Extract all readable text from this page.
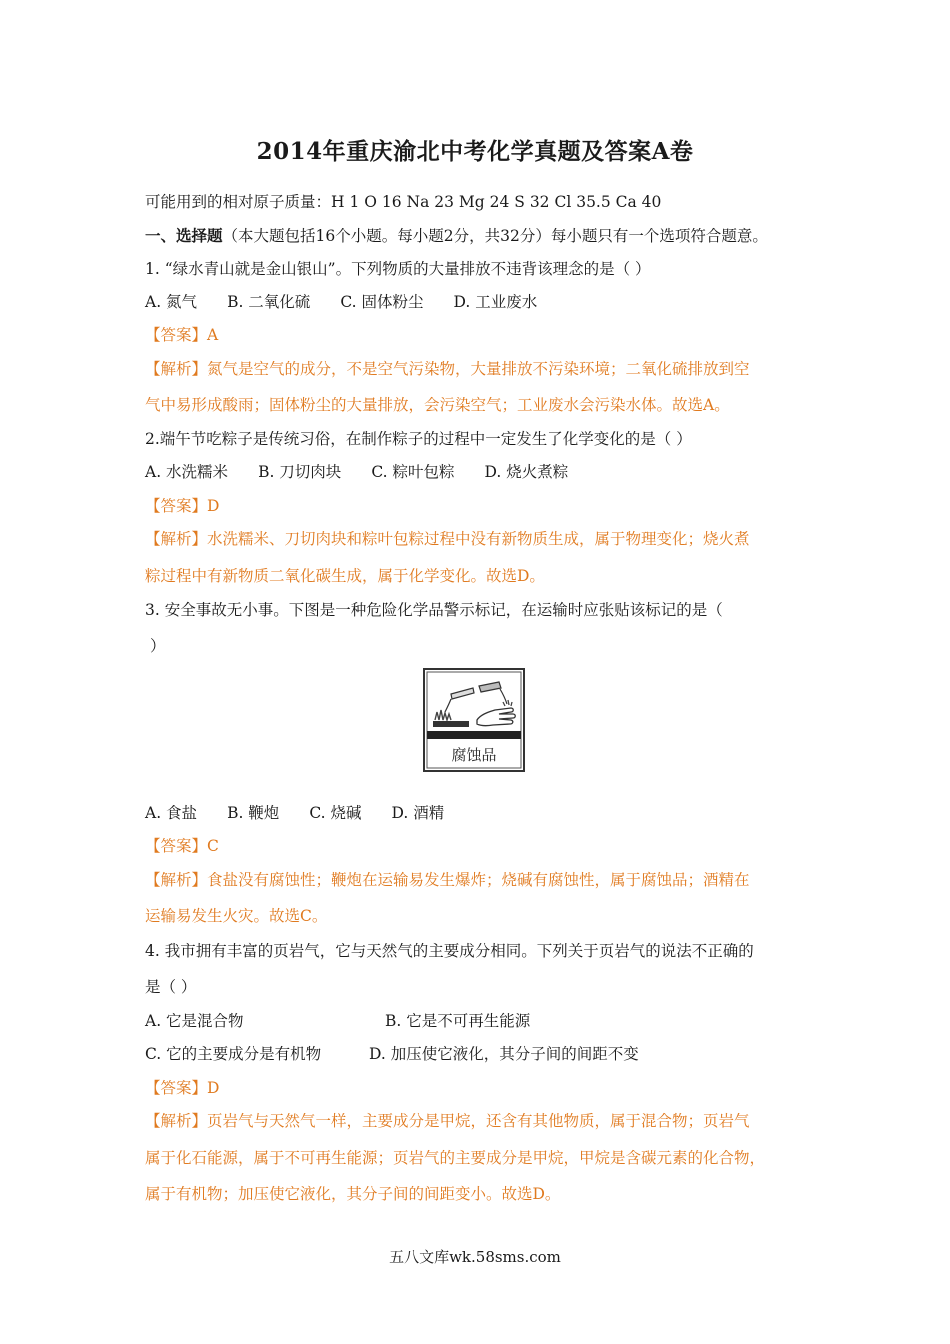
2014年重庆渝北中考化学真题及答案A卷
可能用到的相对原子质量：H 1 O 16 Na 23 Mg 24 S 32 Cl 35.5 Ca 40
一、选择题（本大题包括16个小题。每小题2分，共32分）每小题只有一个选项符合题意。
1. “绿水青山就是金山银山”。下列物质的大量排放不违背该理念的是（ ）
A. 氮气 B. 二氧化硫 C. 固体粉尘 D. 工业废水
【答案】A
【解析】氮气是空气的成分，不是空气污染物，大量排放不污染环境；二氧化硫排放到空
气中易形成酸雨；固体粉尘的大量排放，会污染空气；工业废水会污染水体。故选A。
2.端午节吃粽子是传统习俗，在制作粽子的过程中一定发生了化学变化的是（ ）
A. 水洗糯米 B. 刀切肉块 C. 粽叶包粽 D. 烧火煮粽
【答案】D
【解析】水洗糯米、刀切肉块和粽叶包粽过程中没有新物质生成，属于物理变化；烧火煮
粽过程中有新物质二氧化碳生成，属于化学变化。故选D。
3. 安全事故无小事。下图是一种危险化学品警示标记，在运输时应张贴该标记的是（
）
腐蚀品
A. 食盐 B. 鞭炮 C. 烧碱 D. 酒精
【答案】C
【解析】食盐没有腐蚀性；鞭炮在运输易发生爆炸；烧碱有腐蚀性，属于腐蚀品；酒精在
运输易发生火灾。故选C。
4. 我市拥有丰富的页岩气，它与天然气的主要成分相同。下列关于页岩气的说法不正确的
是（ ）
A. 它是混合物	B. 它是不可再生能源
C. 它的主要成分是有机物	D. 加压使它液化，其分子间的间距不变
【答案】D
【解析】页岩气与天然气一样，主要成分是甲烷，还含有其他物质，属于混合物；页岩气
属于化石能源，属于不可再生能源；页岩气的主要成分是甲烷，甲烷是含碳元素的化合物，
属于有机物；加压使它液化，其分子间的间距变小。故选D。
五八文库wk.58sms.com
